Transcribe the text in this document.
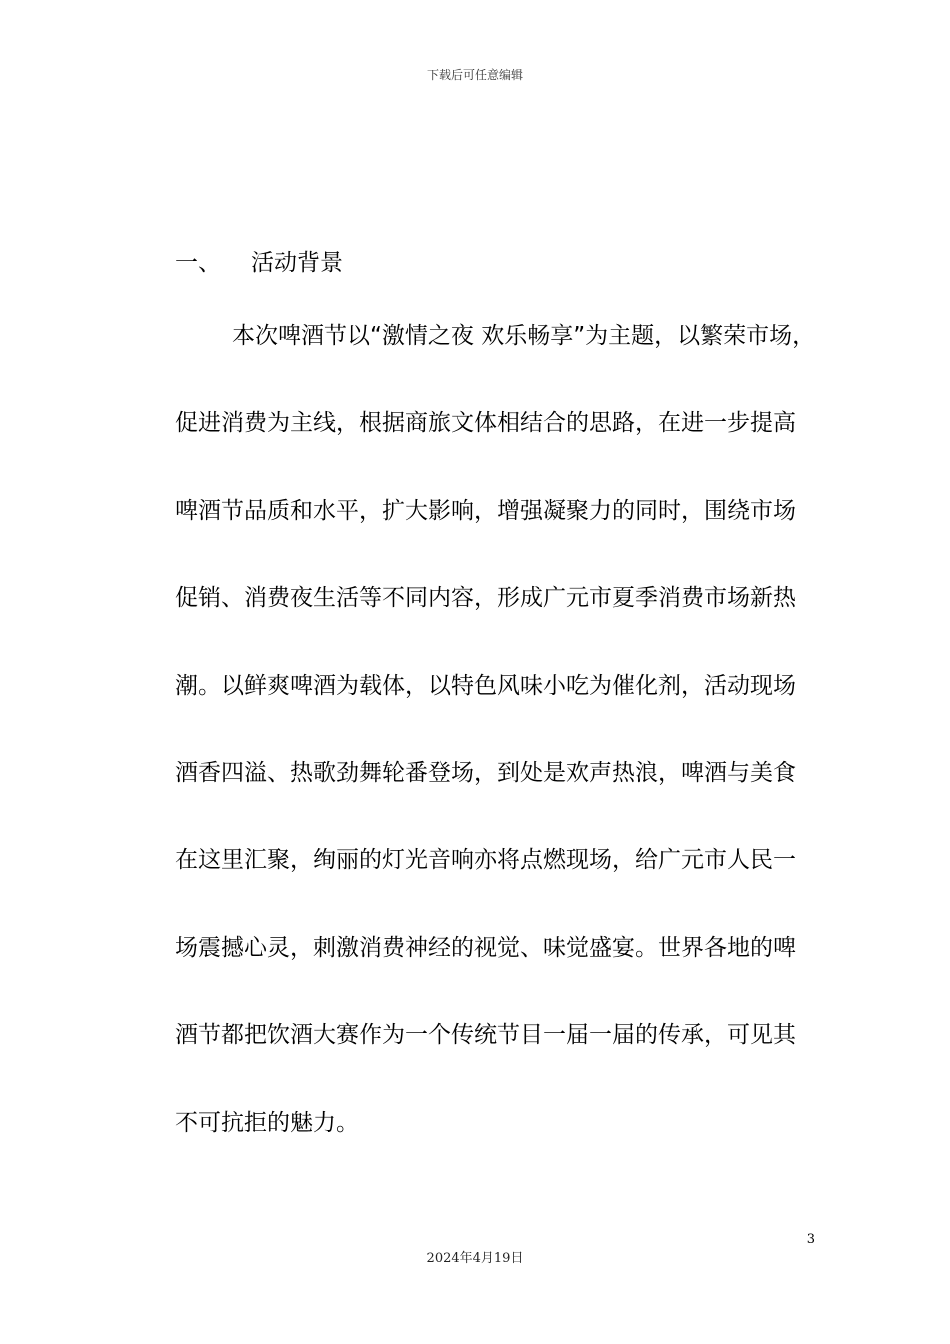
下载后可任意编辑
一、 活动背景
本次啤酒节以“激情之夜 欢乐畅享”为主题，以繁荣市场，
促进消费为主线，根据商旅文体相结合的思路，在进一步提高
啤酒节品质和水平，扩大影响，增强凝聚力的同时，围绕市场
促销、消费夜生活等不同内容，形成广元市夏季消费市场新热
潮。以鲜爽啤酒为载体，以特色风味小吃为催化剂，活动现场
酒香四溢、热歌劲舞轮番登场，到处是欢声热浪，啤酒与美食
在这里汇聚，绚丽的灯光音响亦将点燃现场，给广元市人民一
场震撼心灵，刺激消费神经的视觉、味觉盛宴。世界各地的啤
酒节都把饮酒大赛作为一个传统节目一届一届的传承，可见其
不可抗拒的魅力。
3
2024年4月19日
